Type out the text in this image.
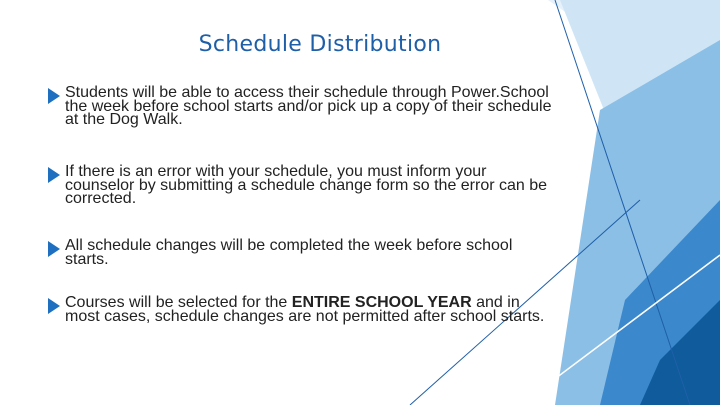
Schedule Distribution
Students will be able to access their schedule through Power.School the week before school starts and/or pick up a copy of their schedule at the Dog Walk.
If there is an error with your schedule, you must inform your counselor by submitting a schedule change form so the error can be corrected.
All schedule changes will be completed the week before school starts.
Courses will be selected for the ENTIRE SCHOOL YEAR and in most cases, schedule changes are not permitted after school starts.
